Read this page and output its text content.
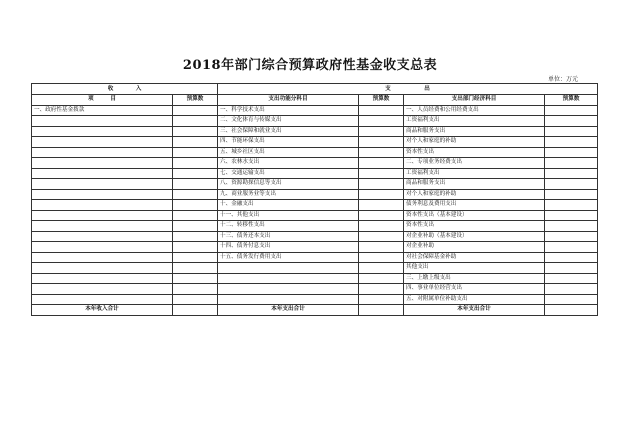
2018年部门综合预算政府性基金收支总表
单位：万元
收　　　　入		支　　　　　　出			
项　　　目	预算数	支出功能分科目	预算数	支出部门经济科目	预算数
一、政府性基金拨款		一、科学技术支出		一、人员经费和公用经费支出	
		二、文化体育与传媒支出		工资福利支出	
		三、社会保障和就业支出		商品和服务支出	
		四、节能环保支出		对个人和家庭的补助	
		五、城乡社区支出		资本性支出	
		六、农林水支出		二、专项业务经费支出	
		七、交通运输支出		工资福利支出	
		八、资源勘探信息等支出		商品和服务支出	
		九、商业服务业等支出		对个人和家庭的补助	
		十、金融支出		债务利息及费用支出	
		十一、其他支出		资本性支出（基本建设）	
		十二、转移性支出		资本性支出	
		十三、债务还本支出		对企业补助（基本建设）	
		十四、债务付息支出		对企业补助	
		十五、债务发行费用支出		对社会保障基金补助	
				其他支出	
				三、上缴上级支出	
				四、事业单位经营支出	
				五、对附属单位补助支出	
本年收入合计		本年支出合计		本年支出合计	
